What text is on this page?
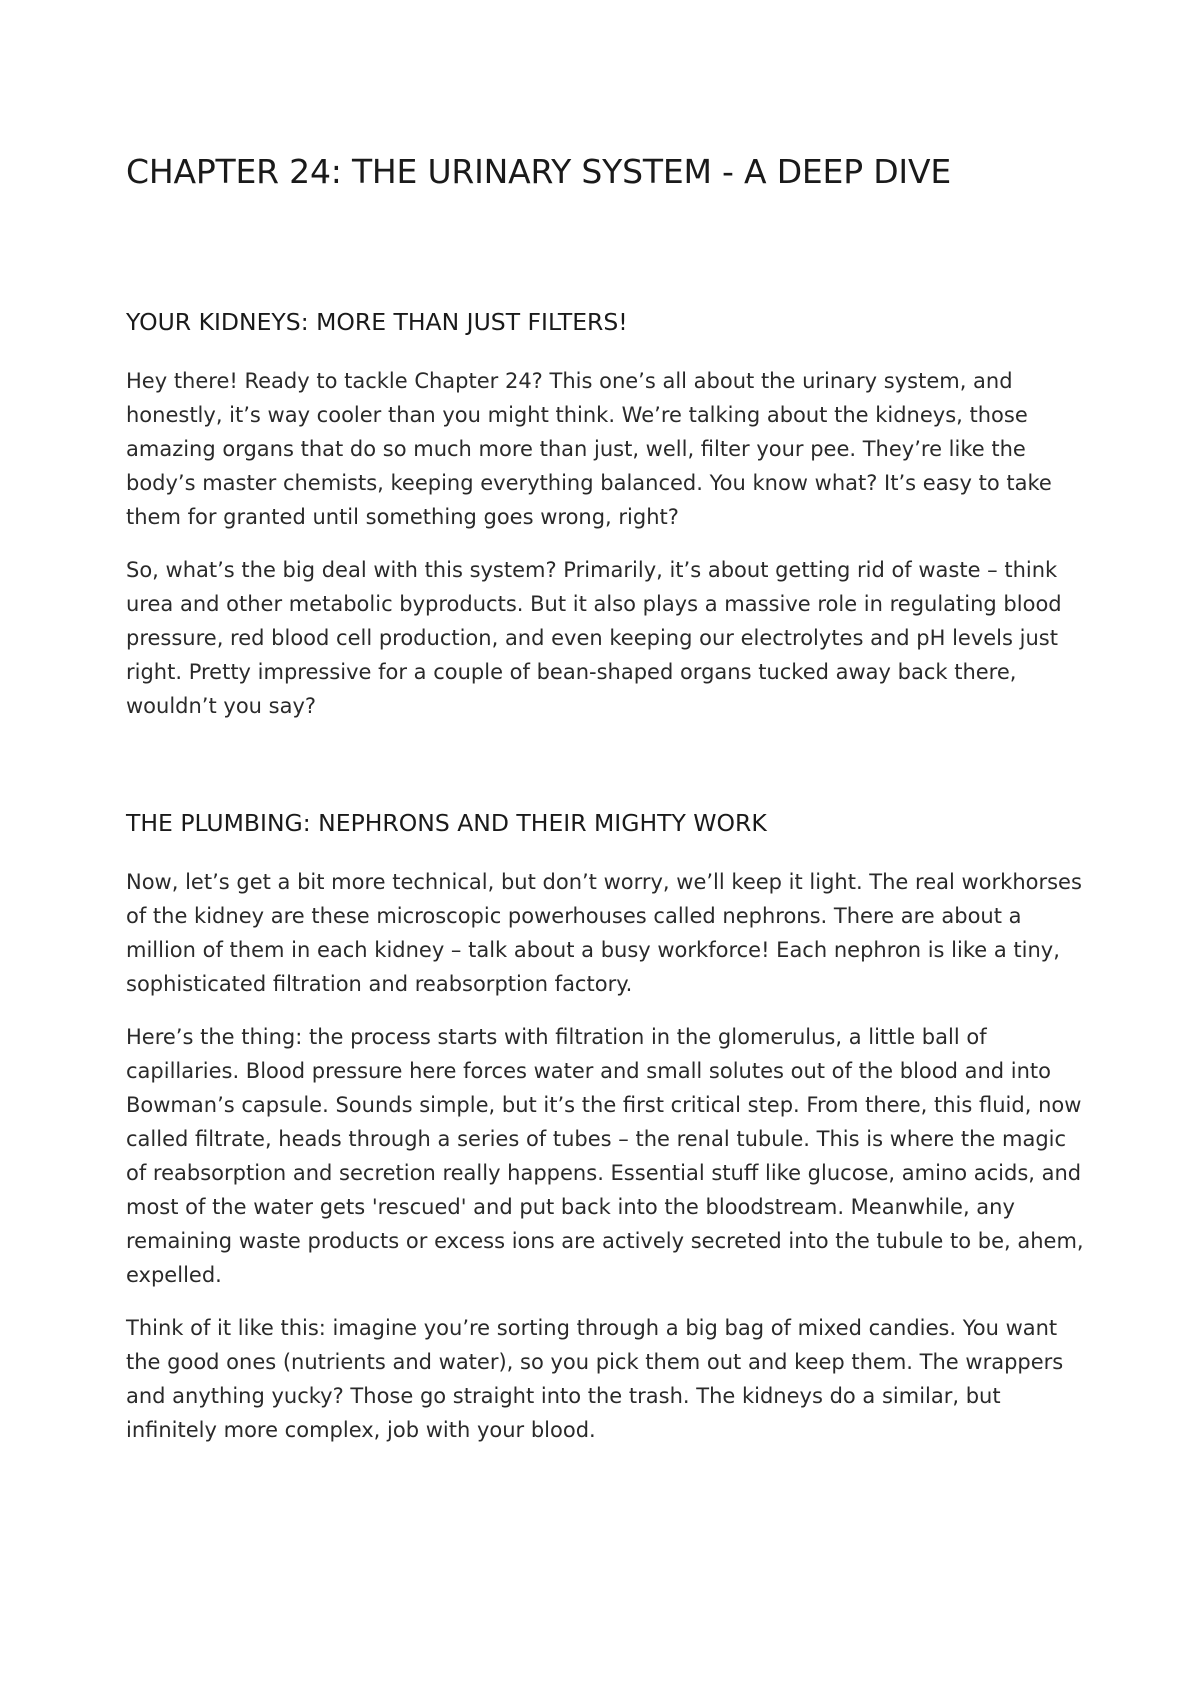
CHAPTER 24: THE URINARY SYSTEM - A DEEP DIVE
YOUR KIDNEYS: MORE THAN JUST FILTERS!

Hey there! Ready to tackle Chapter 24? This one’s all about the urinary system, and honestly, it’s way cooler than you might think. We’re talking about the kidneys, those amazing organs that do so much more than just, well, filter your pee. They’re like the body’s master chemists, keeping everything balanced. You know what? It’s easy to take them for granted until something goes wrong, right?

So, what’s the big deal with this system? Primarily, it’s about getting rid of waste – think urea and other metabolic byproducts. But it also plays a massive role in regulating blood pressure, red blood cell production, and even keeping our electrolytes and pH levels just right. Pretty impressive for a couple of bean-shaped organs tucked away back there, wouldn’t you say?

THE PLUMBING: NEPHRONS AND THEIR MIGHTY WORK

Now, let’s get a bit more technical, but don’t worry, we’ll keep it light. The real workhorses of the kidney are these microscopic powerhouses called nephrons. There are about a million of them in each kidney – talk about a busy workforce! Each nephron is like a tiny, sophisticated filtration and reabsorption factory.

Here’s the thing: the process starts with filtration in the glomerulus, a little ball of capillaries. Blood pressure here forces water and small solutes out of the blood and into Bowman’s capsule. Sounds simple, but it’s the first critical step. From there, this fluid, now called filtrate, heads through a series of tubes – the renal tubule. This is where the magic of reabsorption and secretion really happens. Essential stuff like glucose, amino acids, and most of the water gets 'rescued' and put back into the bloodstream. Meanwhile, any remaining waste products or excess ions are actively secreted into the tubule to be, ahem, expelled.

Think of it like this: imagine you’re sorting through a big bag of mixed candies. You want the good ones (nutrients and water), so you pick them out and keep them. The wrappers and anything yucky? Those go straight into the trash. The kidneys do a similar, but infinitely more complex, job with your blood.
